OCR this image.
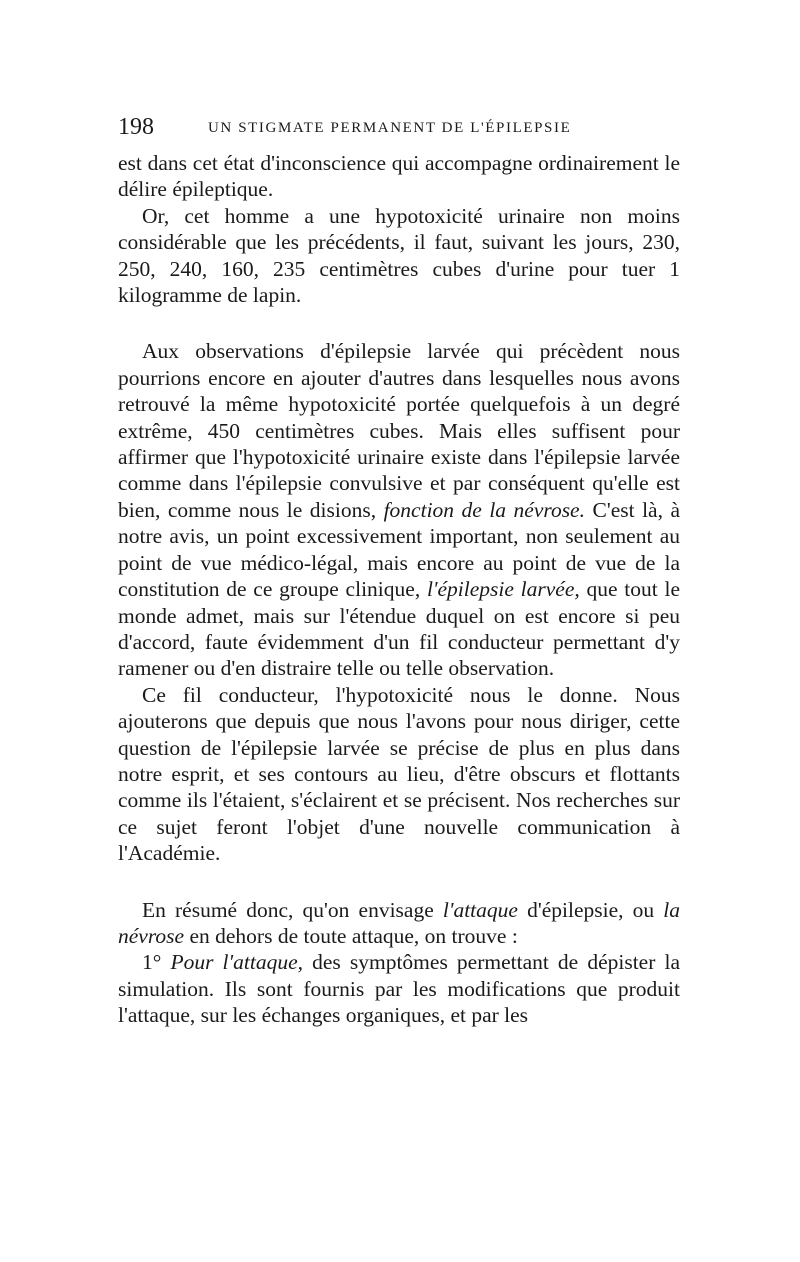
198	UN STIGMATE PERMANENT DE L'ÉPILEPSIE

est dans cet état d'inconscience qui accompagne ordinairement le délire épileptique.

Or, cet homme a une hypotoxicité urinaire non moins considérable que les précédents, il faut, suivant les jours, 230, 250, 240, 160, 235 centimètres cubes d'urine pour tuer 1 kilogramme de lapin.

Aux observations d'épilepsie larvée qui précèdent nous pourrions encore en ajouter d'autres dans lesquelles nous avons retrouvé la même hypotoxicité portée quelquefois à un degré extrême, 450 centimètres cubes. Mais elles suffisent pour affirmer que l'hypotoxicité urinaire existe dans l'épilepsie larvée comme dans l'épilepsie convulsive et par conséquent qu'elle est bien, comme nous le disions, fonction de la névrose. C'est là, à notre avis, un point excessivement important, non seulement au point de vue médico-légal, mais encore au point de vue de la constitution de ce groupe clinique, l'épilepsie larvée, que tout le monde admet, mais sur l'étendue duquel on est encore si peu d'accord, faute évidemment d'un fil conducteur permettant d'y ramener ou d'en distraire telle ou telle observation.

Ce fil conducteur, l'hypotoxicité nous le donne. Nous ajouterons que depuis que nous l'avons pour nous diriger, cette question de l'épilepsie larvée se précise de plus en plus dans notre esprit, et ses contours au lieu, d'être obscurs et flottants comme ils l'étaient, s'éclairent et se précisent. Nos recherches sur ce sujet feront l'objet d'une nouvelle communication à l'Académie.

En résumé donc, qu'on envisage l'attaque d'épilepsie, ou la névrose en dehors de toute attaque, on trouve :

1° Pour l'attaque, des symptômes permettant de dépister la simulation. Ils sont fournis par les modifications que produit l'attaque, sur les échanges organiques, et par les
